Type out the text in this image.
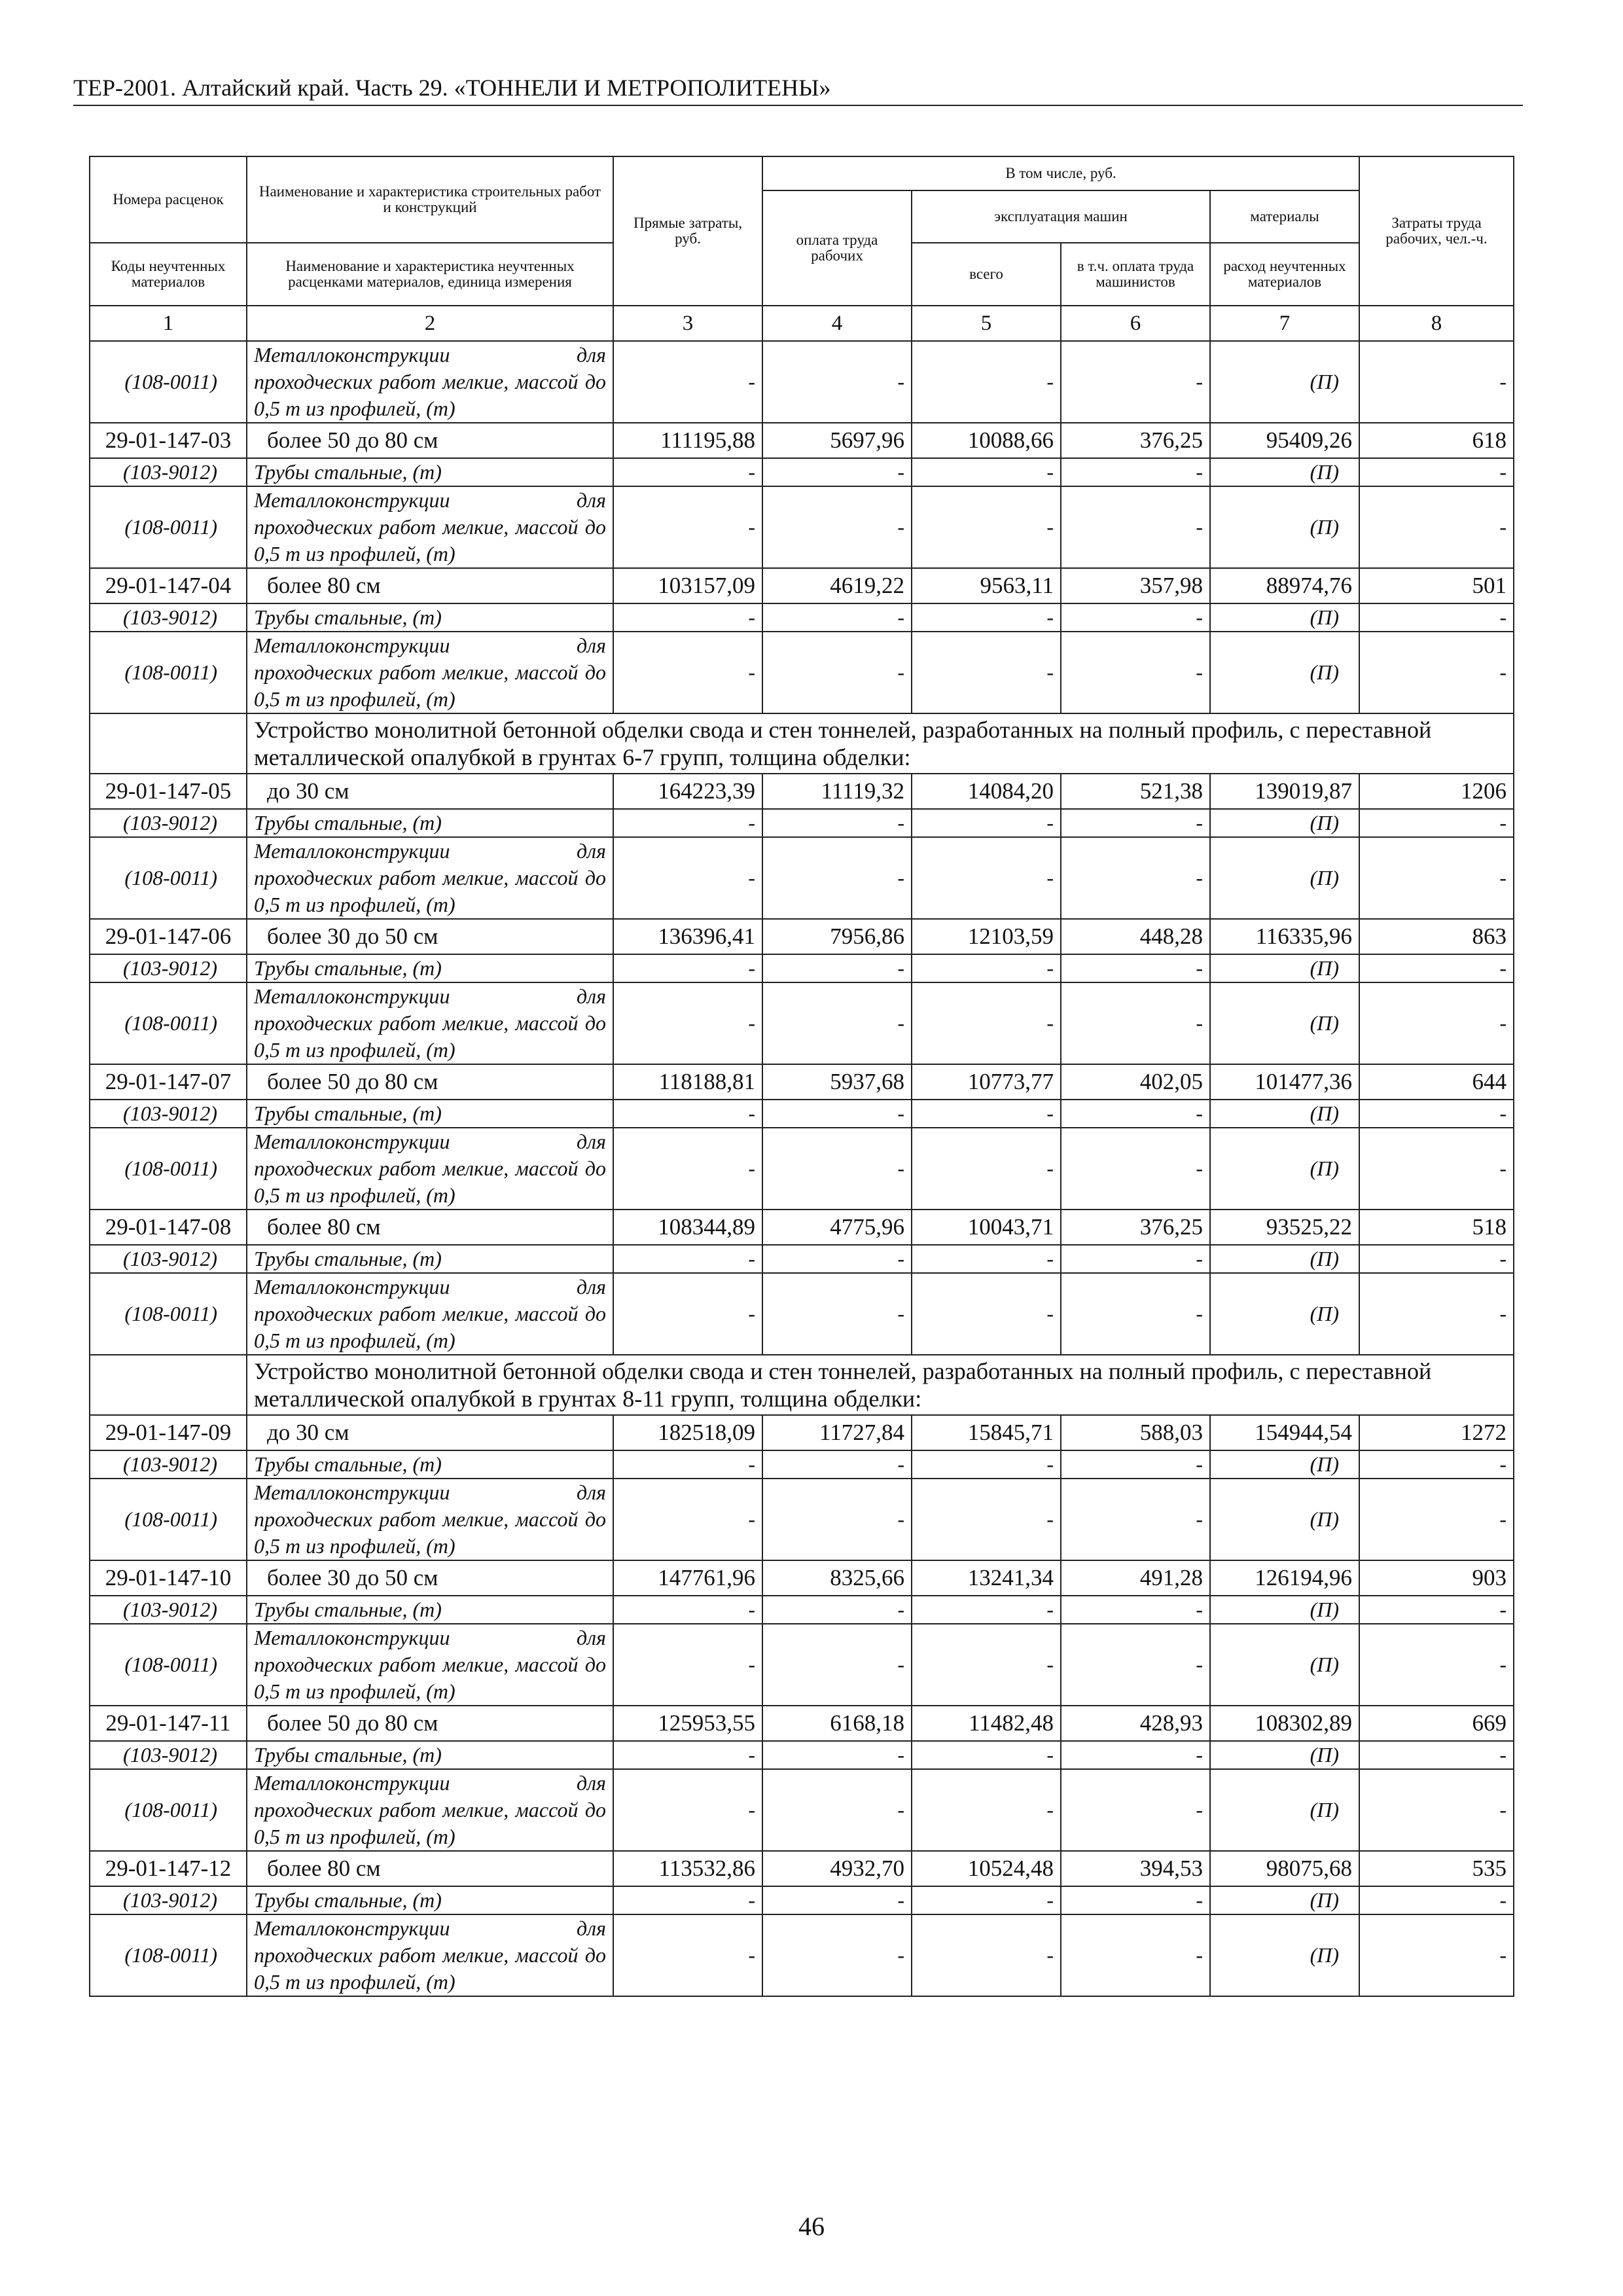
ТЕР-2001. Алтайский край. Часть 29. «ТОННЕЛИ И МЕТРОПОЛИТЕНЫ»
Номера расценок	Наименование и характеристика строительных работ и конструкций	Прямые затраты, руб.	В том числе, руб.				Затраты труда рабочих, чел.-ч.
			оплата труда рабочих	эксплуатация машин		материалы	
Коды неучтенных материалов	Наименование и характеристика неучтенных расценками материалов, единица измерения			всего	в т.ч. оплата труда машинистов	расход неучтенных материалов	
1	2	3	4	5	6	7	8
(108-0011)	Металлоконструкции для проходческих работ мелкие, массой до 0,5 т из профилей, (т)	-	-	-	-	(П)	-
29-01-147-03	более 50 до 80 см	111195,88	5697,96	10088,66	376,25	95409,26	618
(103-9012)	Трубы стальные, (т)	-	-	-	-	(П)	-
(108-0011)	Металлоконструкции для проходческих работ мелкие, массой до 0,5 т из профилей, (т)	-	-	-	-	(П)	-
29-01-147-04	более 80 см	103157,09	4619,22	9563,11	357,98	88974,76	501
(103-9012)	Трубы стальные, (т)	-	-	-	-	(П)	-
(108-0011)	Металлоконструкции для проходческих работ мелкие, массой до 0,5 т из профилей, (т)	-	-	-	-	(П)	-
	Устройство монолитной бетонной обделки свода и стен тоннелей, разработанных на полный профиль, с переставной металлической опалубкой в грунтах 6-7 групп, толщина обделки:						
29-01-147-05	до 30 см	164223,39	11119,32	14084,20	521,38	139019,87	1206
(103-9012)	Трубы стальные, (т)	-	-	-	-	(П)	-
(108-0011)	Металлоконструкции для проходческих работ мелкие, массой до 0,5 т из профилей, (т)	-	-	-	-	(П)	-
29-01-147-06	более 30 до 50 см	136396,41	7956,86	12103,59	448,28	116335,96	863
(103-9012)	Трубы стальные, (т)	-	-	-	-	(П)	-
(108-0011)	Металлоконструкции для проходческих работ мелкие, массой до 0,5 т из профилей, (т)	-	-	-	-	(П)	-
29-01-147-07	более 50 до 80 см	118188,81	5937,68	10773,77	402,05	101477,36	644
(103-9012)	Трубы стальные, (т)	-	-	-	-	(П)	-
(108-0011)	Металлоконструкции для проходческих работ мелкие, массой до 0,5 т из профилей, (т)	-	-	-	-	(П)	-
29-01-147-08	более 80 см	108344,89	4775,96	10043,71	376,25	93525,22	518
(103-9012)	Трубы стальные, (т)	-	-	-	-	(П)	-
(108-0011)	Металлоконструкции для проходческих работ мелкие, массой до 0,5 т из профилей, (т)	-	-	-	-	(П)	-
	Устройство монолитной бетонной обделки свода и стен тоннелей, разработанных на полный профиль, с переставной металлической опалубкой в грунтах 8-11 групп, толщина обделки:						
29-01-147-09	до 30 см	182518,09	11727,84	15845,71	588,03	154944,54	1272
(103-9012)	Трубы стальные, (т)	-	-	-	-	(П)	-
(108-0011)	Металлоконструкции для проходческих работ мелкие, массой до 0,5 т из профилей, (т)	-	-	-	-	(П)	-
29-01-147-10	более 30 до 50 см	147761,96	8325,66	13241,34	491,28	126194,96	903
(103-9012)	Трубы стальные, (т)	-	-	-	-	(П)	-
(108-0011)	Металлоконструкции для проходческих работ мелкие, массой до 0,5 т из профилей, (т)	-	-	-	-	(П)	-
29-01-147-11	более 50 до 80 см	125953,55	6168,18	11482,48	428,93	108302,89	669
(103-9012)	Трубы стальные, (т)	-	-	-	-	(П)	-
(108-0011)	Металлоконструкции для проходческих работ мелкие, массой до 0,5 т из профилей, (т)	-	-	-	-	(П)	-
29-01-147-12	более 80 см	113532,86	4932,70	10524,48	394,53	98075,68	535
(103-9012)	Трубы стальные, (т)	-	-	-	-	(П)	-
(108-0011)	Металлоконструкции для проходческих работ мелкие, массой до 0,5 т из профилей, (т)	-	-	-	-	(П)	-
46
